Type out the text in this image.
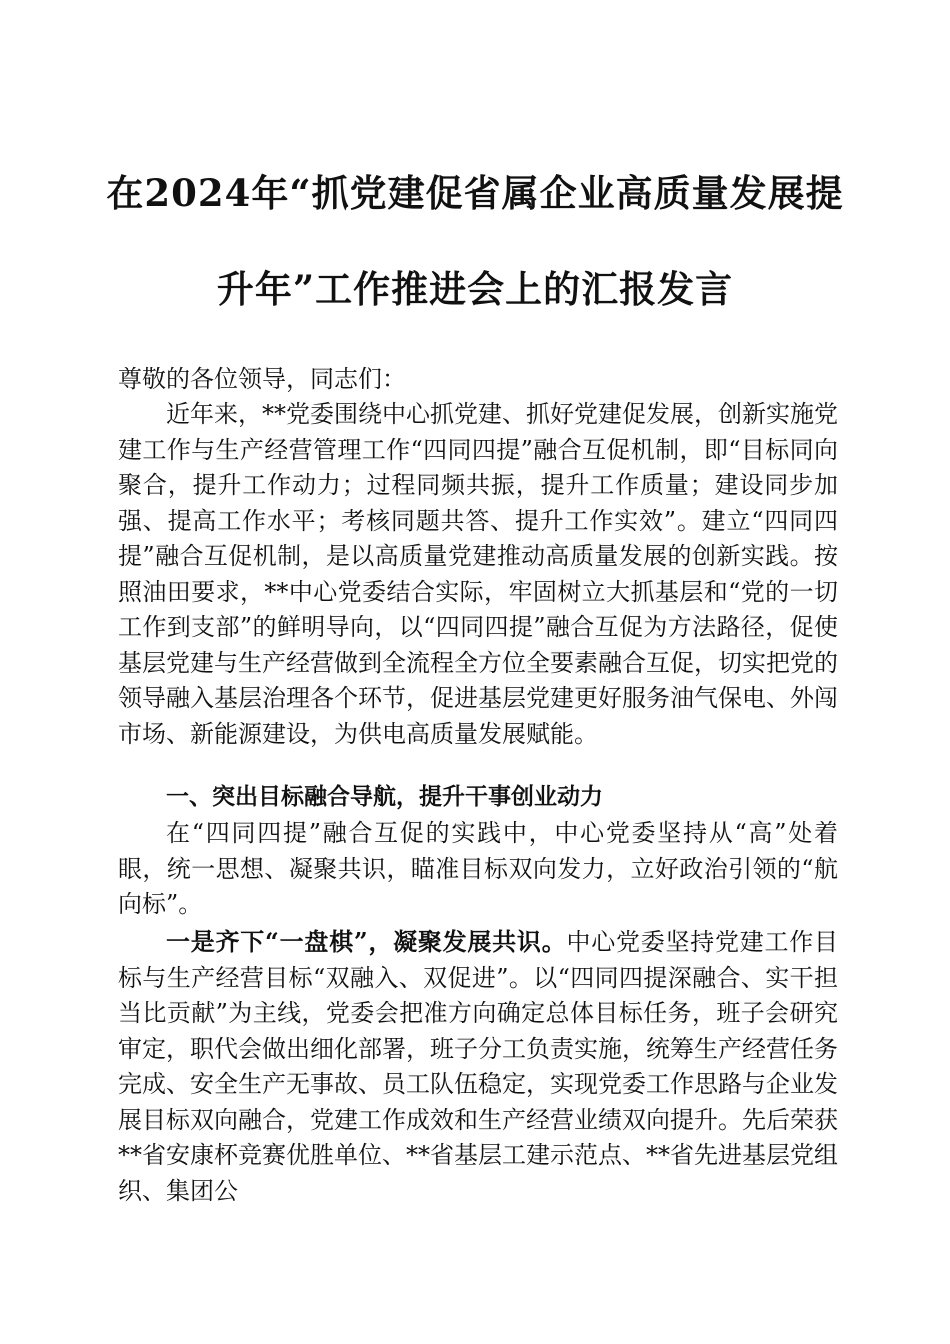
在2024年“抓党建促省属企业高质量发展提
升年”工作推进会上的汇报发言
尊敬的各位领导，同志们：
近年来，**党委围绕中心抓党建、抓好党建促发展，创新实施党建工作与生产经营管理工作“四同四提”融合互促机制，即“目标同向聚合，提升工作动力；过程同频共振，提升工作质量；建设同步加强、提高工作水平；考核同题共答、提升工作实效”。建立“四同四提”融合互促机制，是以高质量党建推动高质量发展的创新实践。按照油田要求，**中心党委结合实际，牢固树立大抓基层和“党的一切工作到支部”的鲜明导向，以“四同四提”融合互促为方法路径，促使基层党建与生产经营做到全流程全方位全要素融合互促，切实把党的领导融入基层治理各个环节，促进基层党建更好服务油气保电、外闯市场、新能源建设，为供电高质量发展赋能。
一、突出目标融合导航，提升干事创业动力
在“四同四提”融合互促的实践中，中心党委坚持从“高”处着眼，统一思想、凝聚共识，瞄准目标双向发力，立好政治引领的“航向标”。
一是齐下“一盘棋”，凝聚发展共识。中心党委坚持党建工作目标与生产经营目标“双融入、双促进”。以“四同四提深融合、实干担当比贡献”为主线，党委会把准方向确定总体目标任务，班子会研究审定，职代会做出细化部署，班子分工负责实施，统筹生产经营任务完成、安全生产无事故、员工队伍稳定，实现党委工作思路与企业发展目标双向融合，党建工作成效和生产经营业绩双向提升。先后荣获**省安康杯竞赛优胜单位、**省基层工建示范点、**省先进基层党组织、集团公
